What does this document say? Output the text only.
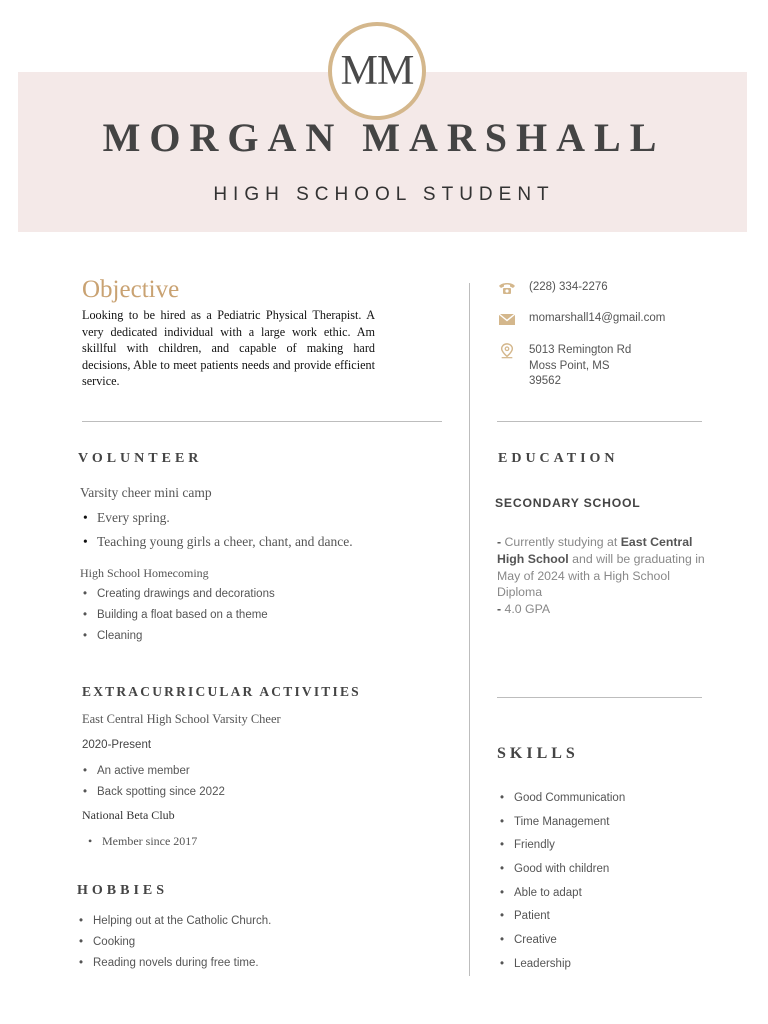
MM
MORGAN MARSHALL
HIGH SCHOOL STUDENT
Objective
Looking to be hired as a Pediatric Physical Therapist. A very dedicated individual with a large work ethic. Am skillful with children, and capable of making hard decisions, Able to meet patients needs and provide efficient service.
(228) 334-2276
momarshall14@gmail.com
5013 Remington Rd
Moss Point, MS
39562
VOLUNTEER
Varsity cheer mini camp
• Every spring.
• Teaching young girls a cheer, chant, and dance.
High School Homecoming
• Creating drawings and decorations
• Building a float based on a theme
• Cleaning
EXTRACURRICULAR ACTIVITIES
East Central High School Varsity Cheer
2020-Present
• An active member
• Back spotting since 2022
National Beta Club
• Member since 2017
HOBBIES
• Helping out at the Catholic Church.
• Cooking
• Reading novels during free time.
EDUCATION
SECONDARY SCHOOL
- Currently studying at East Central High School and will be graduating in May of 2024 with a High School Diploma
- 4.0 GPA
SKILLS
• Good Communication
• Time Management
• Friendly
• Good with children
• Able to adapt
• Patient
• Creative
• Leadership
